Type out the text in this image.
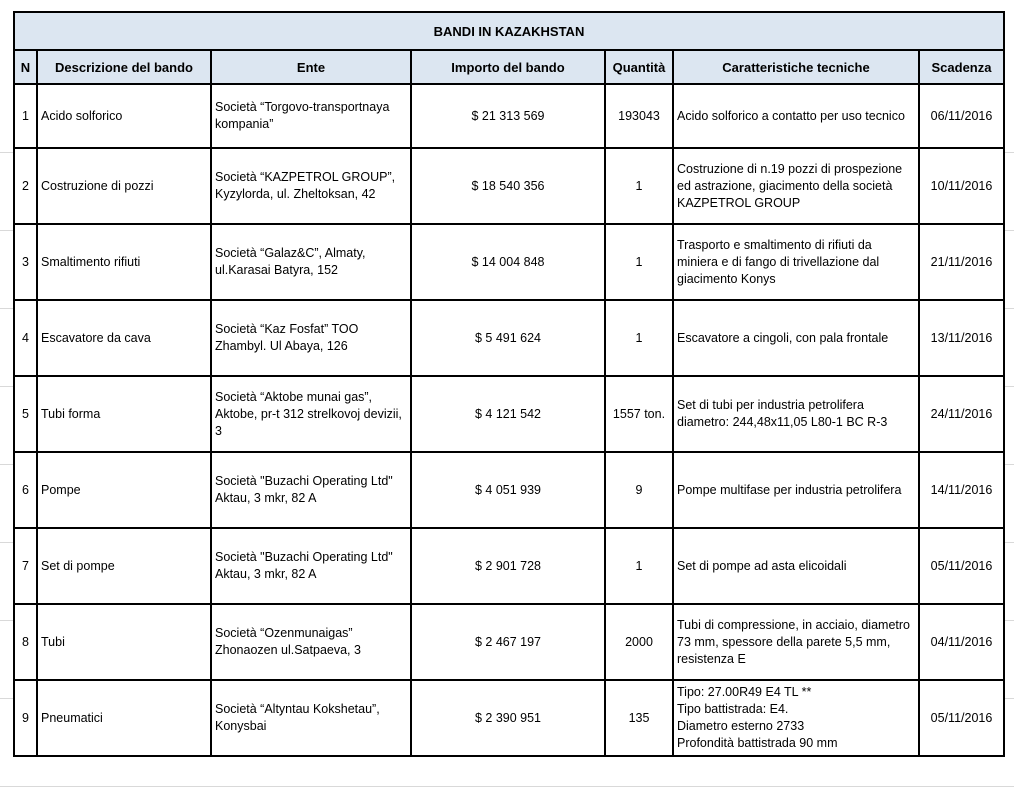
BANDI IN KAZAKHSTAN						
N	Descrizione del bando	Ente	Importo del bando	Quantità	Caratteristiche tecniche	Scadenza
1	Acido solforico	Società “Torgovo-transportnaya kompania”	$ 21 313 569	193043	Acido solforico a contatto per uso tecnico	06/11/2016
2	Costruzione di pozzi	Società “KAZPETROL GROUP”, Kyzylorda, ul. Zheltoksan, 42	$ 18 540 356	1	Costruzione di n.19 pozzi di prospezione ed astrazione, giacimento della società KAZPETROL GROUP	10/11/2016
3	Smaltimento rifiuti	Società “Galaz&C”, Almaty, ul.Karasai Batyra, 152	$ 14 004 848	1	Trasporto e smaltimento di rifiuti da miniera e di fango di trivellazione dal giacimento Konys	21/11/2016
4	Escavatore da cava	Società “Kaz Fosfat” TOO Zhambyl. Ul Abaya, 126	$ 5 491 624	1	Escavatore a cingoli, con pala frontale	13/11/2016
5	Tubi forma	Società “Aktobe munai gas”, Aktobe, pr-t 312 strelkovoj devizii, 3	$ 4 121 542	1557 ton.	Set di tubi per industria petrolifera diametro: 244,48x11,05 L80-1 BC R-3	24/11/2016
6	Pompe	Società "Buzachi Operating Ltd" Aktau, 3 mkr, 82 A	$ 4 051 939	9	Pompe multifase per industria petrolifera	14/11/2016
7	Set di pompe	Società "Buzachi Operating Ltd" Aktau, 3 mkr, 82 A	$ 2 901 728	1	Set di pompe ad asta elicoidali	05/11/2016
8	Tubi	Società “Ozenmunaigas” Zhonaozen ul.Satpaeva, 3	$ 2 467 197	2000	Tubi di compressione, in acciaio, diametro 73 mm, spessore della parete 5,5 mm, resistenza E	04/11/2016
9	Pneumatici	Società “Altyntau Kokshetau”, Konysbai	$ 2 390 951	135	Tipo: 27.00R49 E4 TL **
Tipo battistrada: E4.
Diametro esterno 2733
Profondità battistrada 90 mm	05/11/2016
